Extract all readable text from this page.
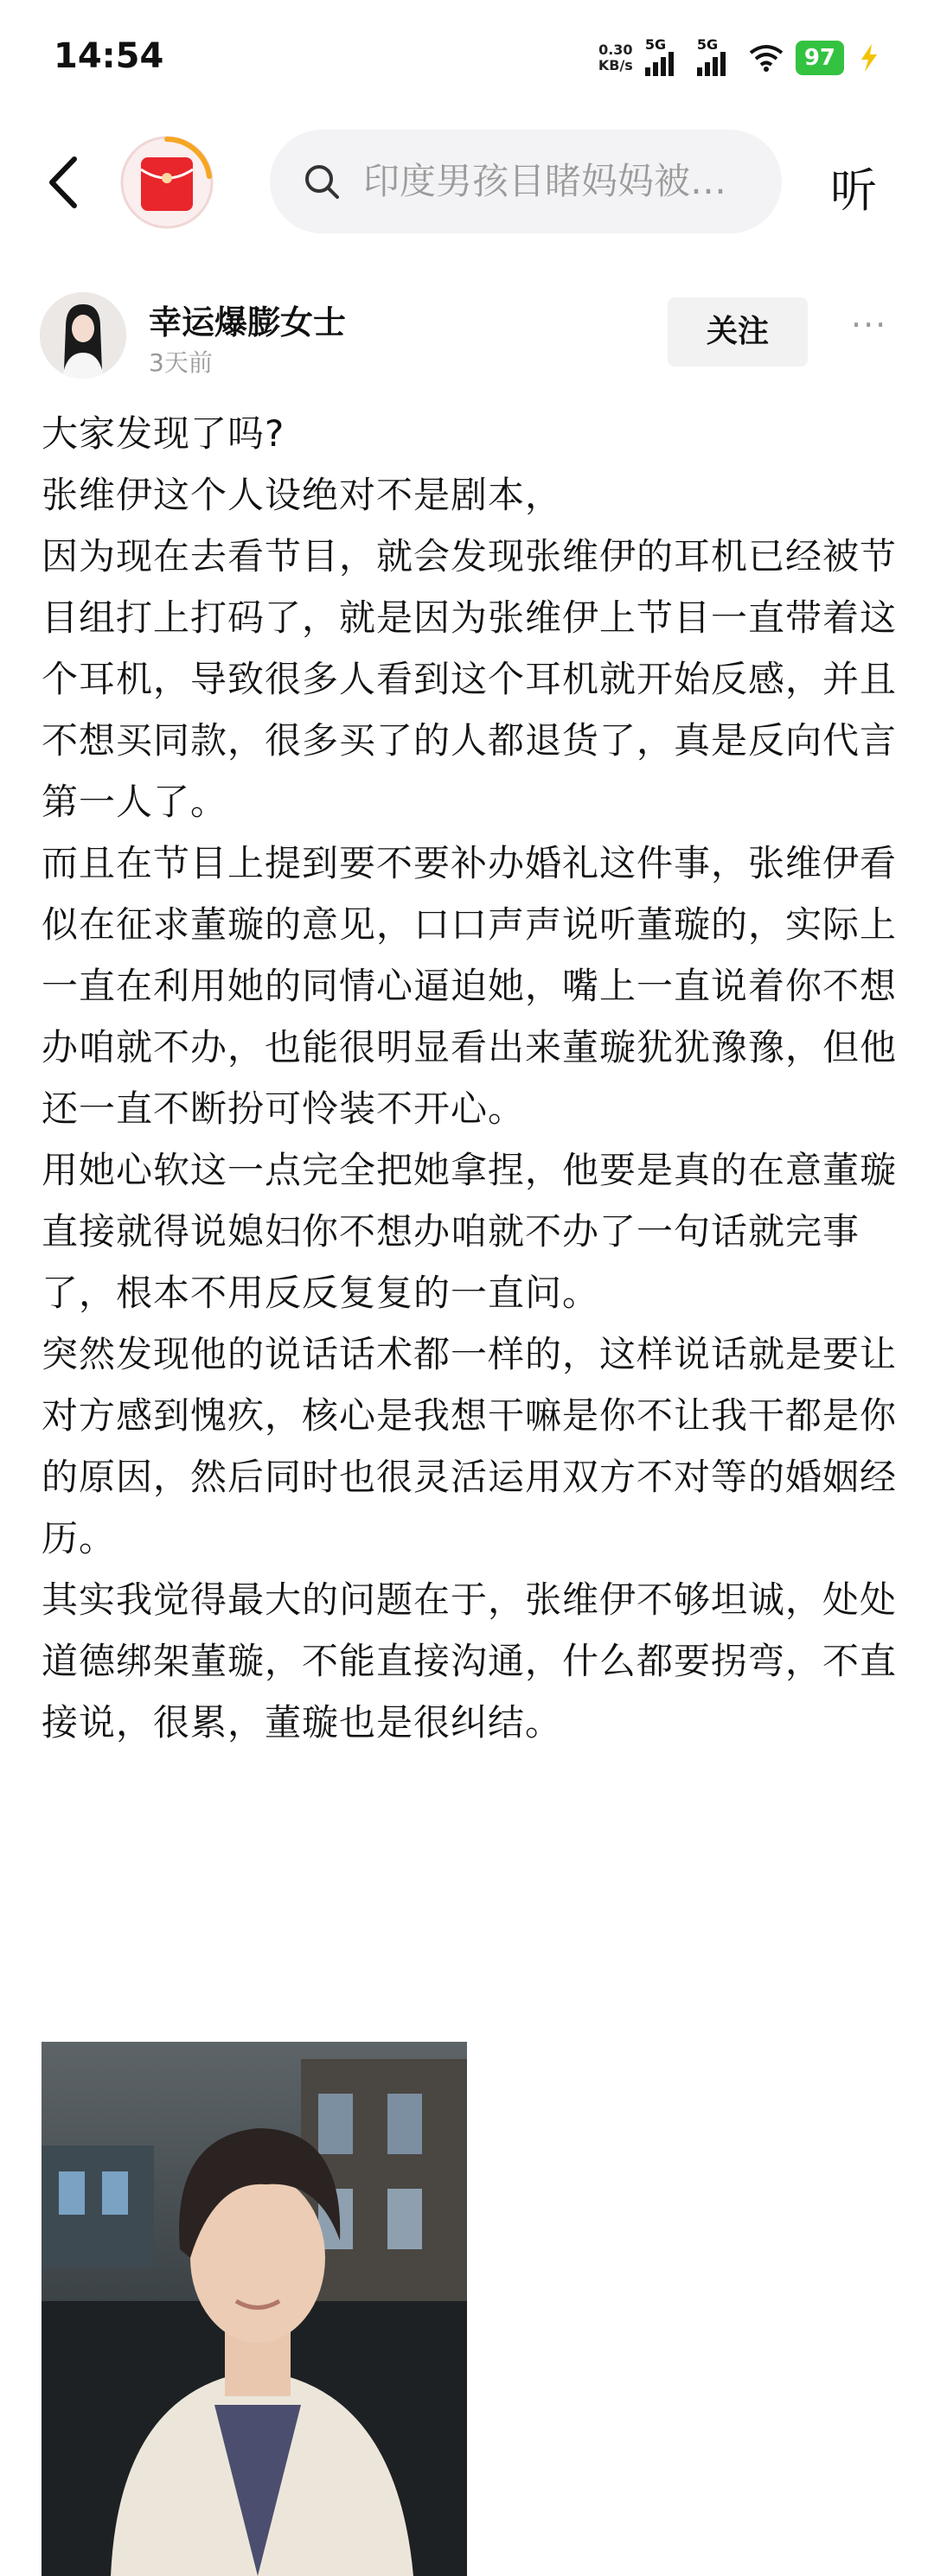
14:54	0.30
KB/s
5G 5G
97
印度男孩目睹妈妈被…	听
幸运爆膨女士
3天前
关注	···

大家发现了吗?

张维伊这个人设绝对不是剧本，

因为现在去看节目，就会发现张维伊的耳机已经被节目组打上打码了，就是因为张维伊上节目一直带着这个耳机，导致很多人看到这个耳机就开始反感，并且不想买同款，很多买了的人都退货了，真是反向代言第一人了。

而且在节目上提到要不要补办婚礼这件事，张维伊看似在征求董璇的意见，口口声声说听董璇的，实际上一直在利用她的同情心逼迫她，嘴上一直说着你不想办咱就不办，也能很明显看出来董璇犹犹豫豫，但他还一直不断扮可怜装不开心。

用她心软这一点完全把她拿捏，他要是真的在意董璇直接就得说媳妇你不想办咱就不办了一句话就完事了，根本不用反反复复的一直问。

突然发现他的说话话术都一样的，这样说话就是要让对方感到愧疚，核心是我想干嘛是你不让我干都是你的原因，然后同时也很灵活运用双方不对等的婚姻经历。

其实我觉得最大的问题在于，张维伊不够坦诚，处处道德绑架董璇，不能直接沟通，什么都要拐弯，不直接说，很累，董璇也是很纠结。
